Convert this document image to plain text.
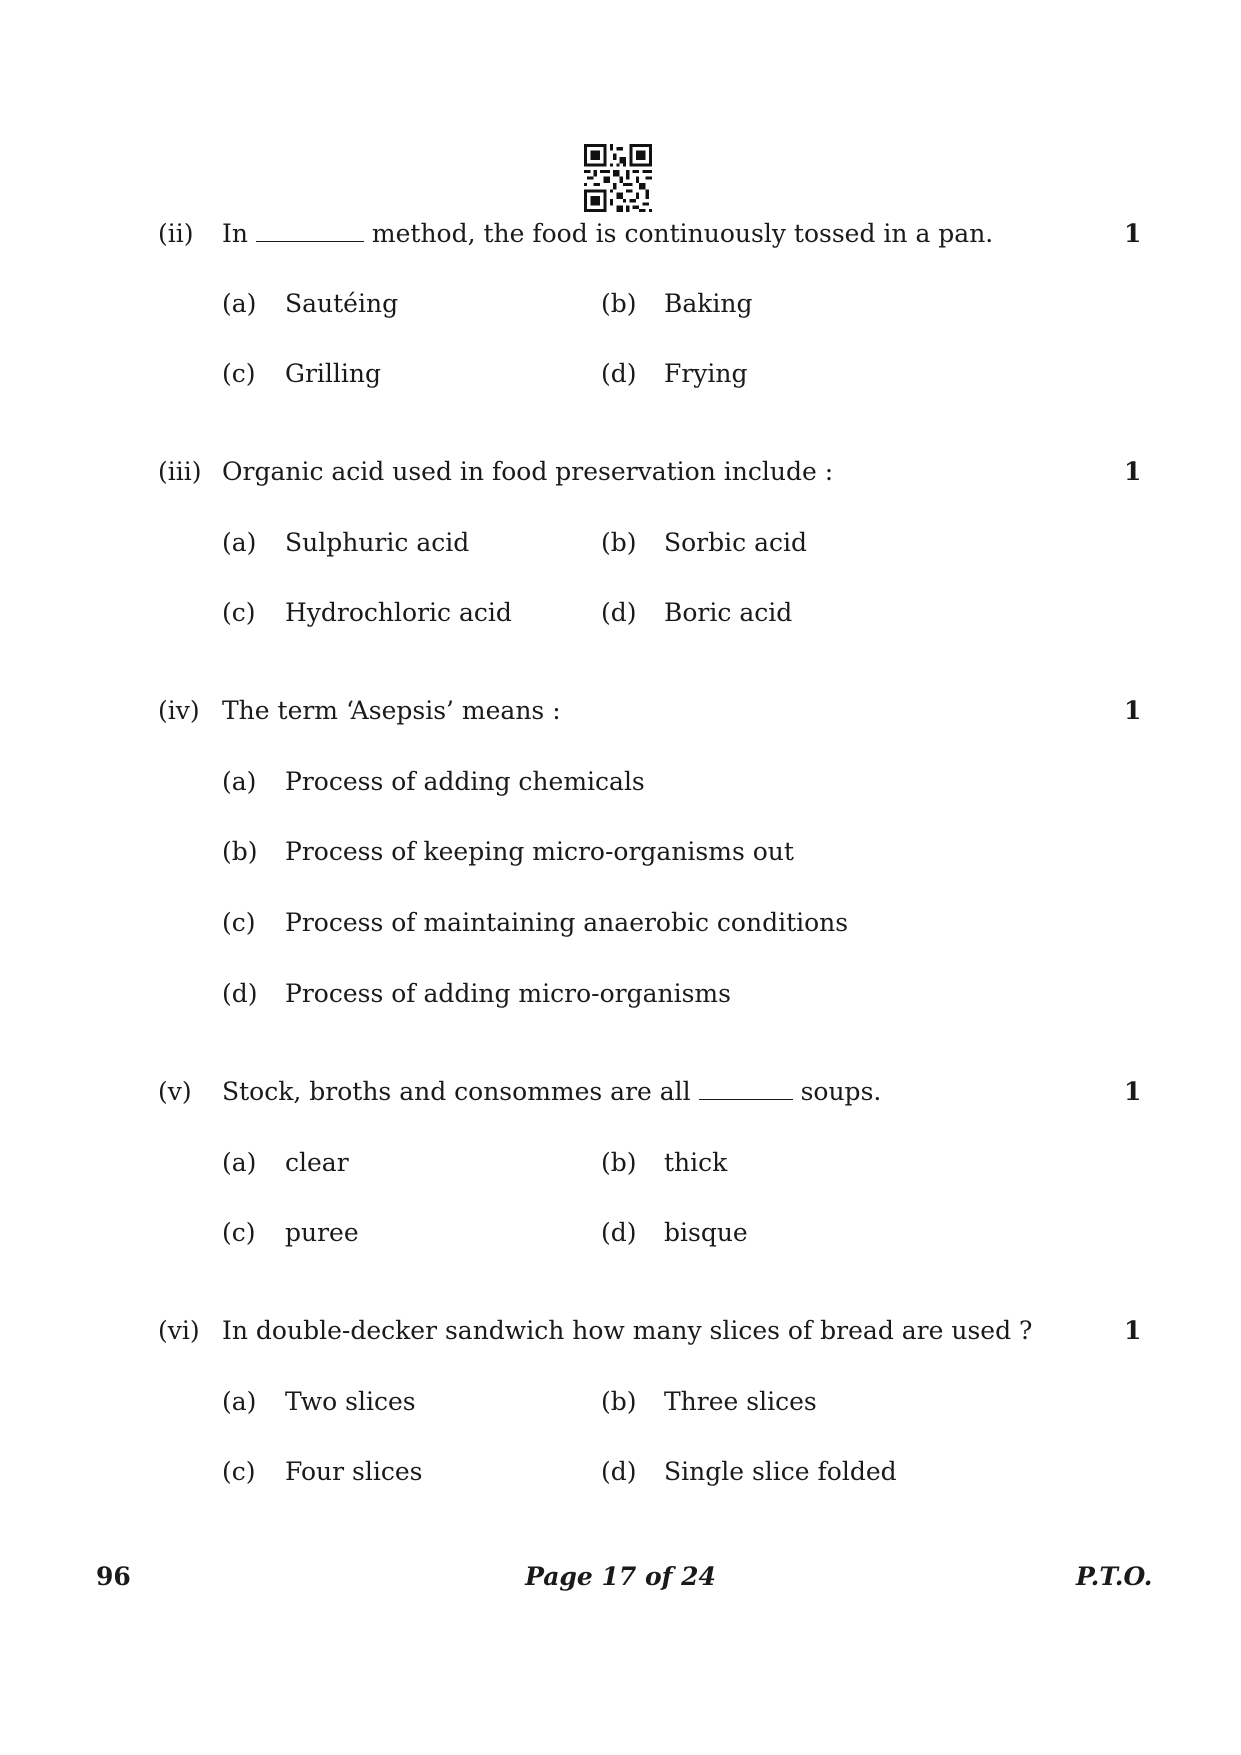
(ii) In	method, the food is continuously tossed in a pan.	1
(a) Sautéing	(b) Baking
(c) Grilling	(d) Frying
(iii) Organic acid used in food preservation include :	1
(a) Sulphuric acid	(b) Sorbic acid
(c) Hydrochloric acid	(d) Boric acid
(iv) The term ‘Asepsis’ means :	1
(a) Process of adding chemicals
(b) Process of keeping micro-organisms out
(c) Process of maintaining anaerobic conditions
(d) Process of adding micro-organisms
(v) Stock, broths and consommes are all	soups.	1
(a) clear	(b) thick
(c) puree	(d) bisque
(vi) In double-decker sandwich how many slices of bread are used ?	1
(a) Two slices	(b) Three slices
(c) Four slices	(d) Single slice folded
96	Page 17 of 24	P.T.O.
